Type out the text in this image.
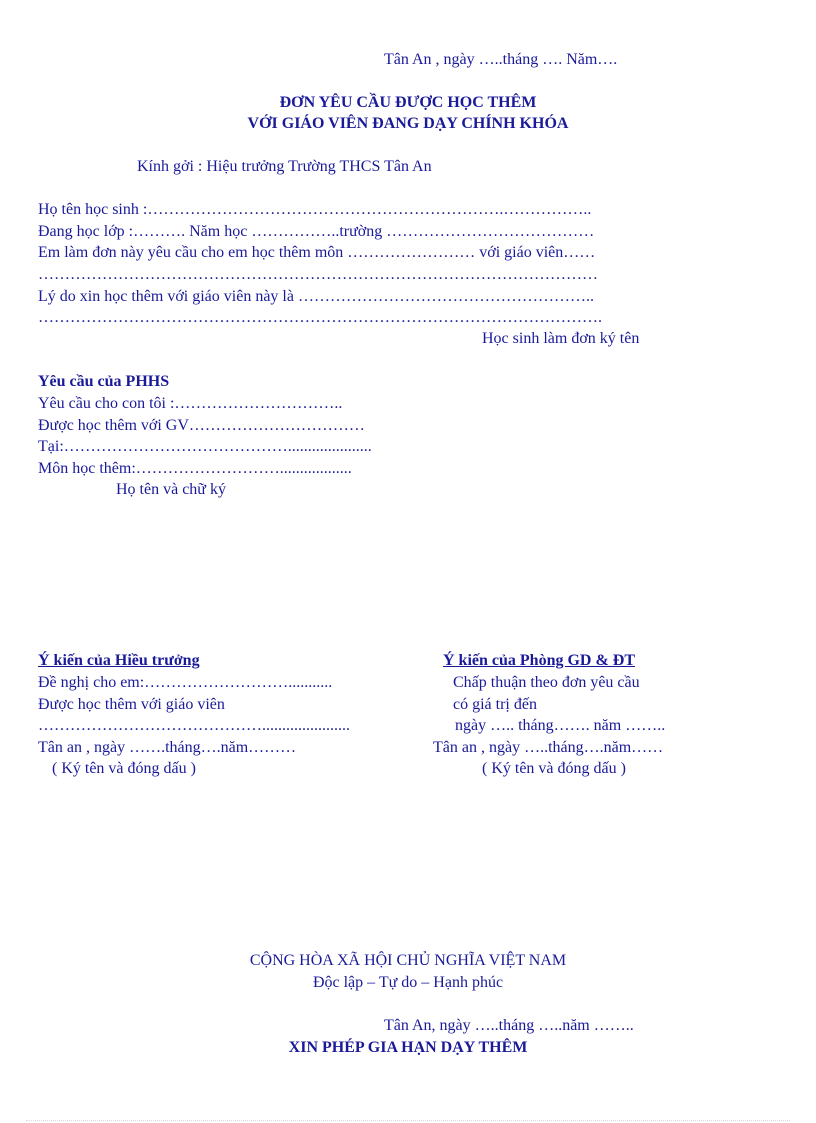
Tân An , ngày …..tháng …. Năm….
ĐƠN YÊU CẦU ĐƯỢC HỌC THÊM
VỚI GIÁO VIÊN ĐANG DẠY CHÍNH KHÓA
Kính gởi : Hiệu trưởng Trường THCS Tân An
Họ tên học sinh :………………………………………………………….……………..
Đang học lớp :………. Năm học ……………..trường …………………………………
Em làm đơn này yêu cầu cho em học thêm môn …………………… với giáo viên……
……………………………………………………………………………………………
Lý do xin học thêm với giáo viên này là ………………………………………………..
…………………………………………………………………………………………….
Học sinh làm đơn ký tên
Yêu cầu của PHHS
Yêu cầu cho con tôi :…………………………..
Được học thêm với GV……………………………
Tại:…………………………………….....................
Môn học thêm:………………………..................
Họ tên và chữ ký
Ý kiến của Hiều trưởng
Đề nghị cho em:………………………...........
Được học thêm với giáo viên
……………………………………......................
Tân an , ngày …….tháng….năm………
( Ký tên và đóng dấu )
Ý kiến của Phòng GD & ĐT
Chấp thuận theo đơn yêu cầu
có giá trị đến
ngày ….. tháng……. năm ……..
Tân an , ngày …..tháng….năm……
( Ký tên và đóng dấu )
CỘNG HÒA XÃ HỘI CHỦ NGHĨA VIỆT NAM
Độc lập – Tự do – Hạnh phúc
Tân An, ngày …..tháng …..năm ……..
XIN PHÉP GIA HẠN DẠY THÊM
